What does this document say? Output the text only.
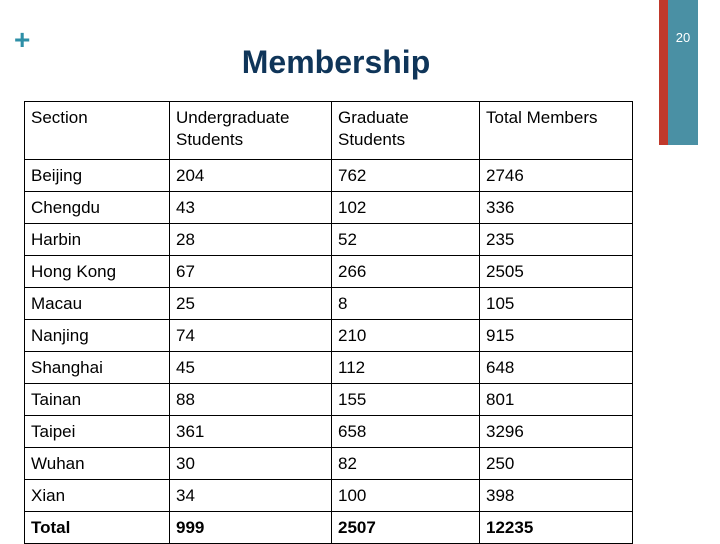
+
Membership
20
Section	Undergraduate Students	Graduate Students	Total Members
Beijing	204	762	2746
Chengdu	43	102	336
Harbin	28	52	235
Hong Kong	67	266	2505
Macau	25	8	105
Nanjing	74	210	915
Shanghai	45	112	648
Tainan	88	155	801
Taipei	361	658	3296
Wuhan	30	82	250
Xian	34	100	398
Total	999	2507	12235
